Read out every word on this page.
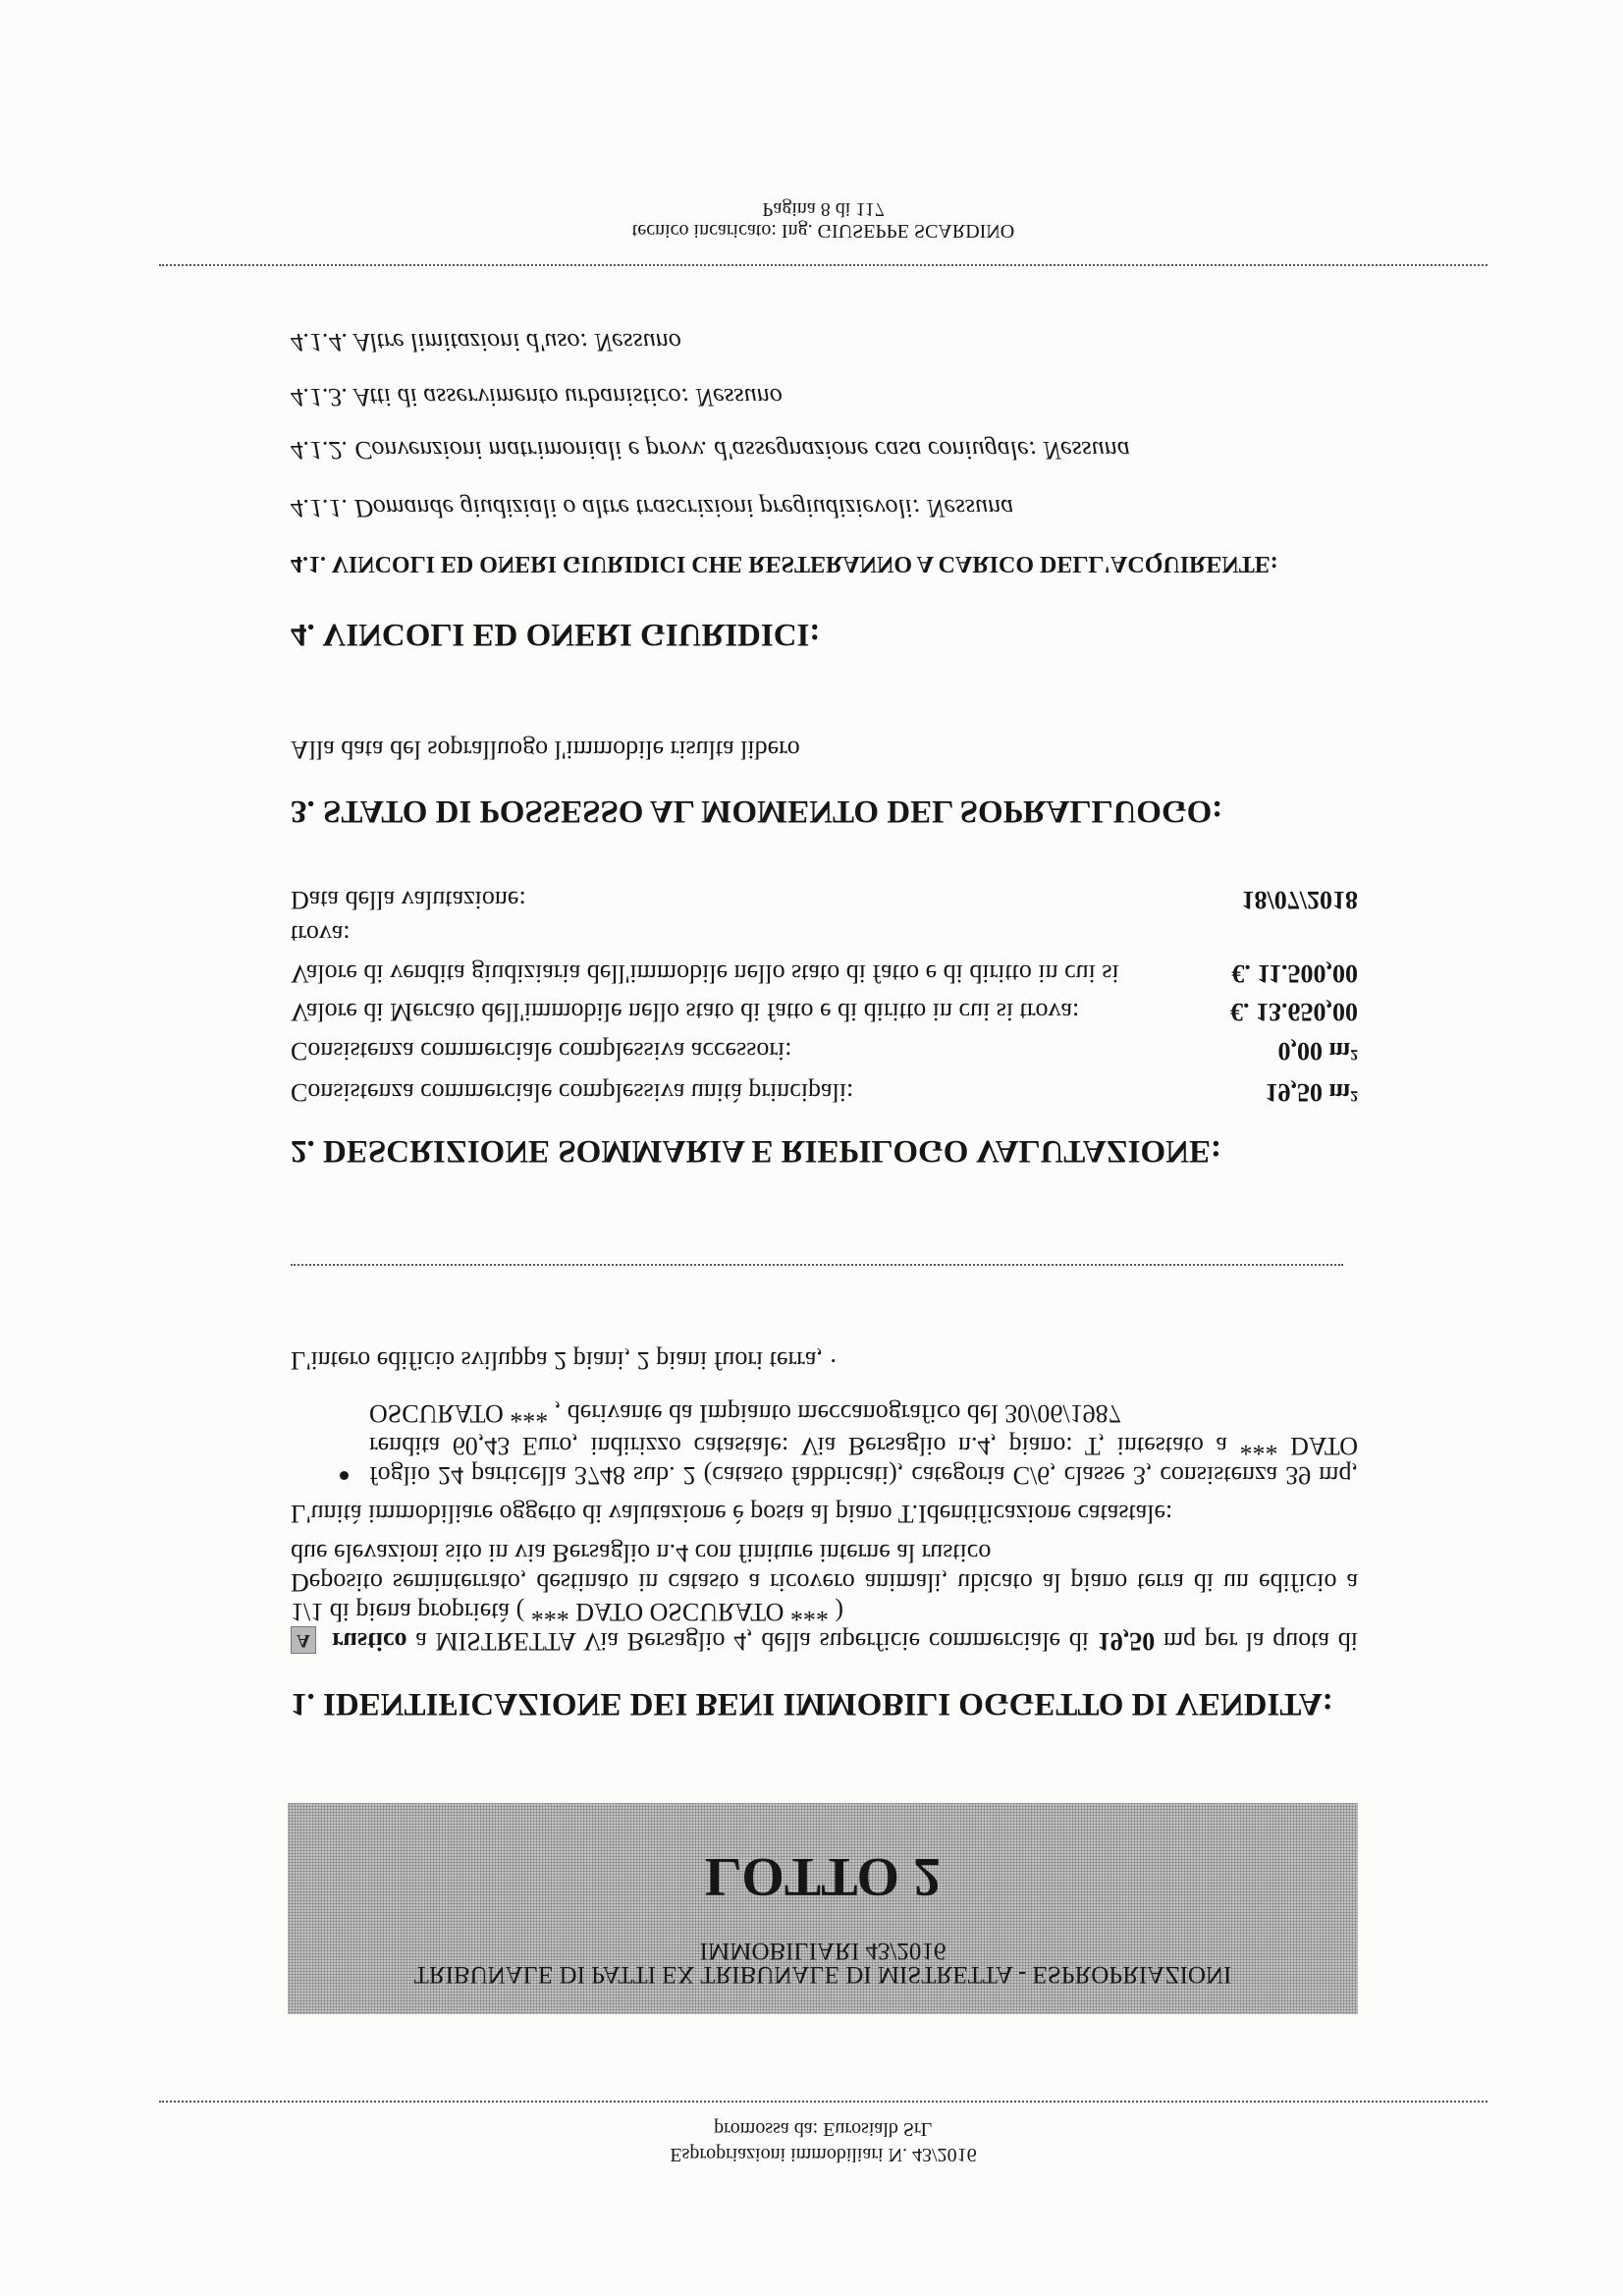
Espropriazioni immobiliari N. 43/2016
promossa da: Eurosialb SrL
TRIBUNALE DI PATTI EX TRIBUNALE DI MISTRETTA - ESPROPRIAZIONI
IMMOBILIARI 43/2016
LOTTO 2
1. IDENTIFICAZIONE DEI BENI IMMOBILI OGGETTO DI VENDITA:
A rustico a MISTRETTA Via Bersaglio 4, della superficie commerciale di 19,50 mq per la quota di
1/1 di piena proprietà ( *** DATO OSCURATO *** )
Deposito seminterrato, destinato in catasto a ricovero animali, ubicato al piano terra di un edificio a
due elevazioni sito in via Bersaglio n.4 con finiture interne al rustico
L'unità immobiliare oggetto di valutazione è posta al piano T.Identificazione catastale:
foglio 24 particella 3748 sub. 2 (catasto fabbricati), categoria C/6, classe 3, consistenza 39 mq,
rendita 60,43 Euro, indirizzo catastale: Via Bersaglio n.4, piano: T, intestato a *** DATO
OSCURATO *** , derivante da Impianto meccanografico del 30/06/1987
L'intero edificio sviluppa 2 piani, 2 piani fuori terra, ·
2. DESCRIZIONE SOMMARIA E RIEPILOGO VALUTAZIONE:
Consistenza commerciale complessiva unità principali:	19,50 m²
Consistenza commerciale complessiva accessori:	0,00 m²
Valore di Mercato dell'immobile nello stato di fatto e di diritto in cui si trova:	€. 13.650,00
Valore di vendita giudiziaria dell'immobile nello stato di fatto e di diritto in cui si	€. 11.500,00
trova:
Data della valutazione:	18/07/2018
3. STATO DI POSSESSO AL MOMENTO DEL SOPRALLUOGO:
Alla data del sopralluogo l'immobile risulta libero
4. VINCOLI ED ONERI GIURIDICI:
4.1. VINCOLI ED ONERI GIURIDICI CHE RESTERANNO A CARICO DELL'ACQUIRENTE:
4.1.1. Domande giudiziali o altre trascrizioni pregiudizievoli: Nessuna
4.1.2. Convenzioni matrimoniali e provv. d'assegnazione casa coniugale: Nessuna
4.1.3. Atti di asservimento urbanistico: Nessuno
4.1.4. Altre limitazioni d'uso: Nessuno
tecnico incaricato: Ing. GIUSEPPE SCARDINO
Pagina 8 di 117
